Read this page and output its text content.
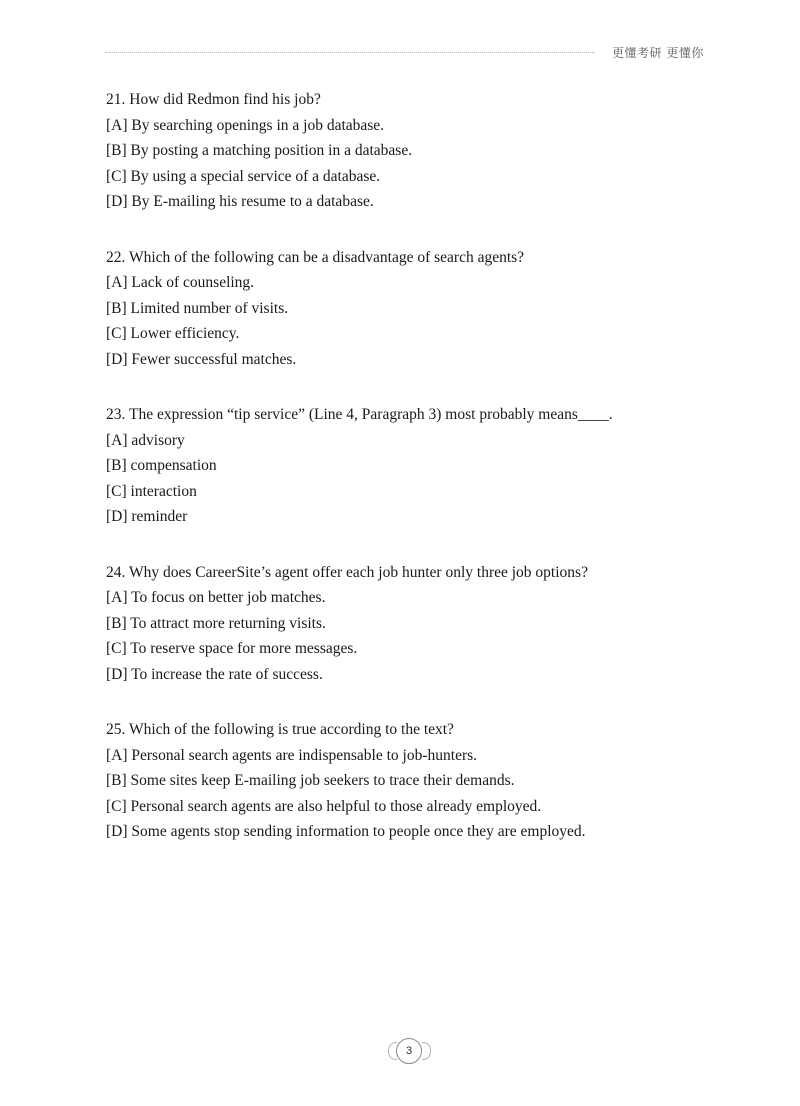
更懂考研 更懂你
21. How did Redmon find his job?
[A] By searching openings in a job database.
[B] By posting a matching position in a database.
[C] By using a special service of a database.
[D] By E-mailing his resume to a database.
22. Which of the following can be a disadvantage of search agents?
[A] Lack of counseling.
[B] Limited number of visits.
[C] Lower efficiency.
[D] Fewer successful matches.
23. The expression “tip service” (Line 4, Paragraph 3) most probably means____.
[A] advisory
[B] compensation
[C] interaction
[D] reminder
24. Why does CareerSite’s agent offer each job hunter only three job options?
[A] To focus on better job matches.
[B] To attract more returning visits.
[C] To reserve space for more messages.
[D] To increase the rate of success.
25. Which of the following is true according to the text?
[A] Personal search agents are indispensable to job-hunters.
[B] Some sites keep E-mailing job seekers to trace their demands.
[C] Personal search agents are also helpful to those already employed.
[D] Some agents stop sending information to people once they are employed.
3
